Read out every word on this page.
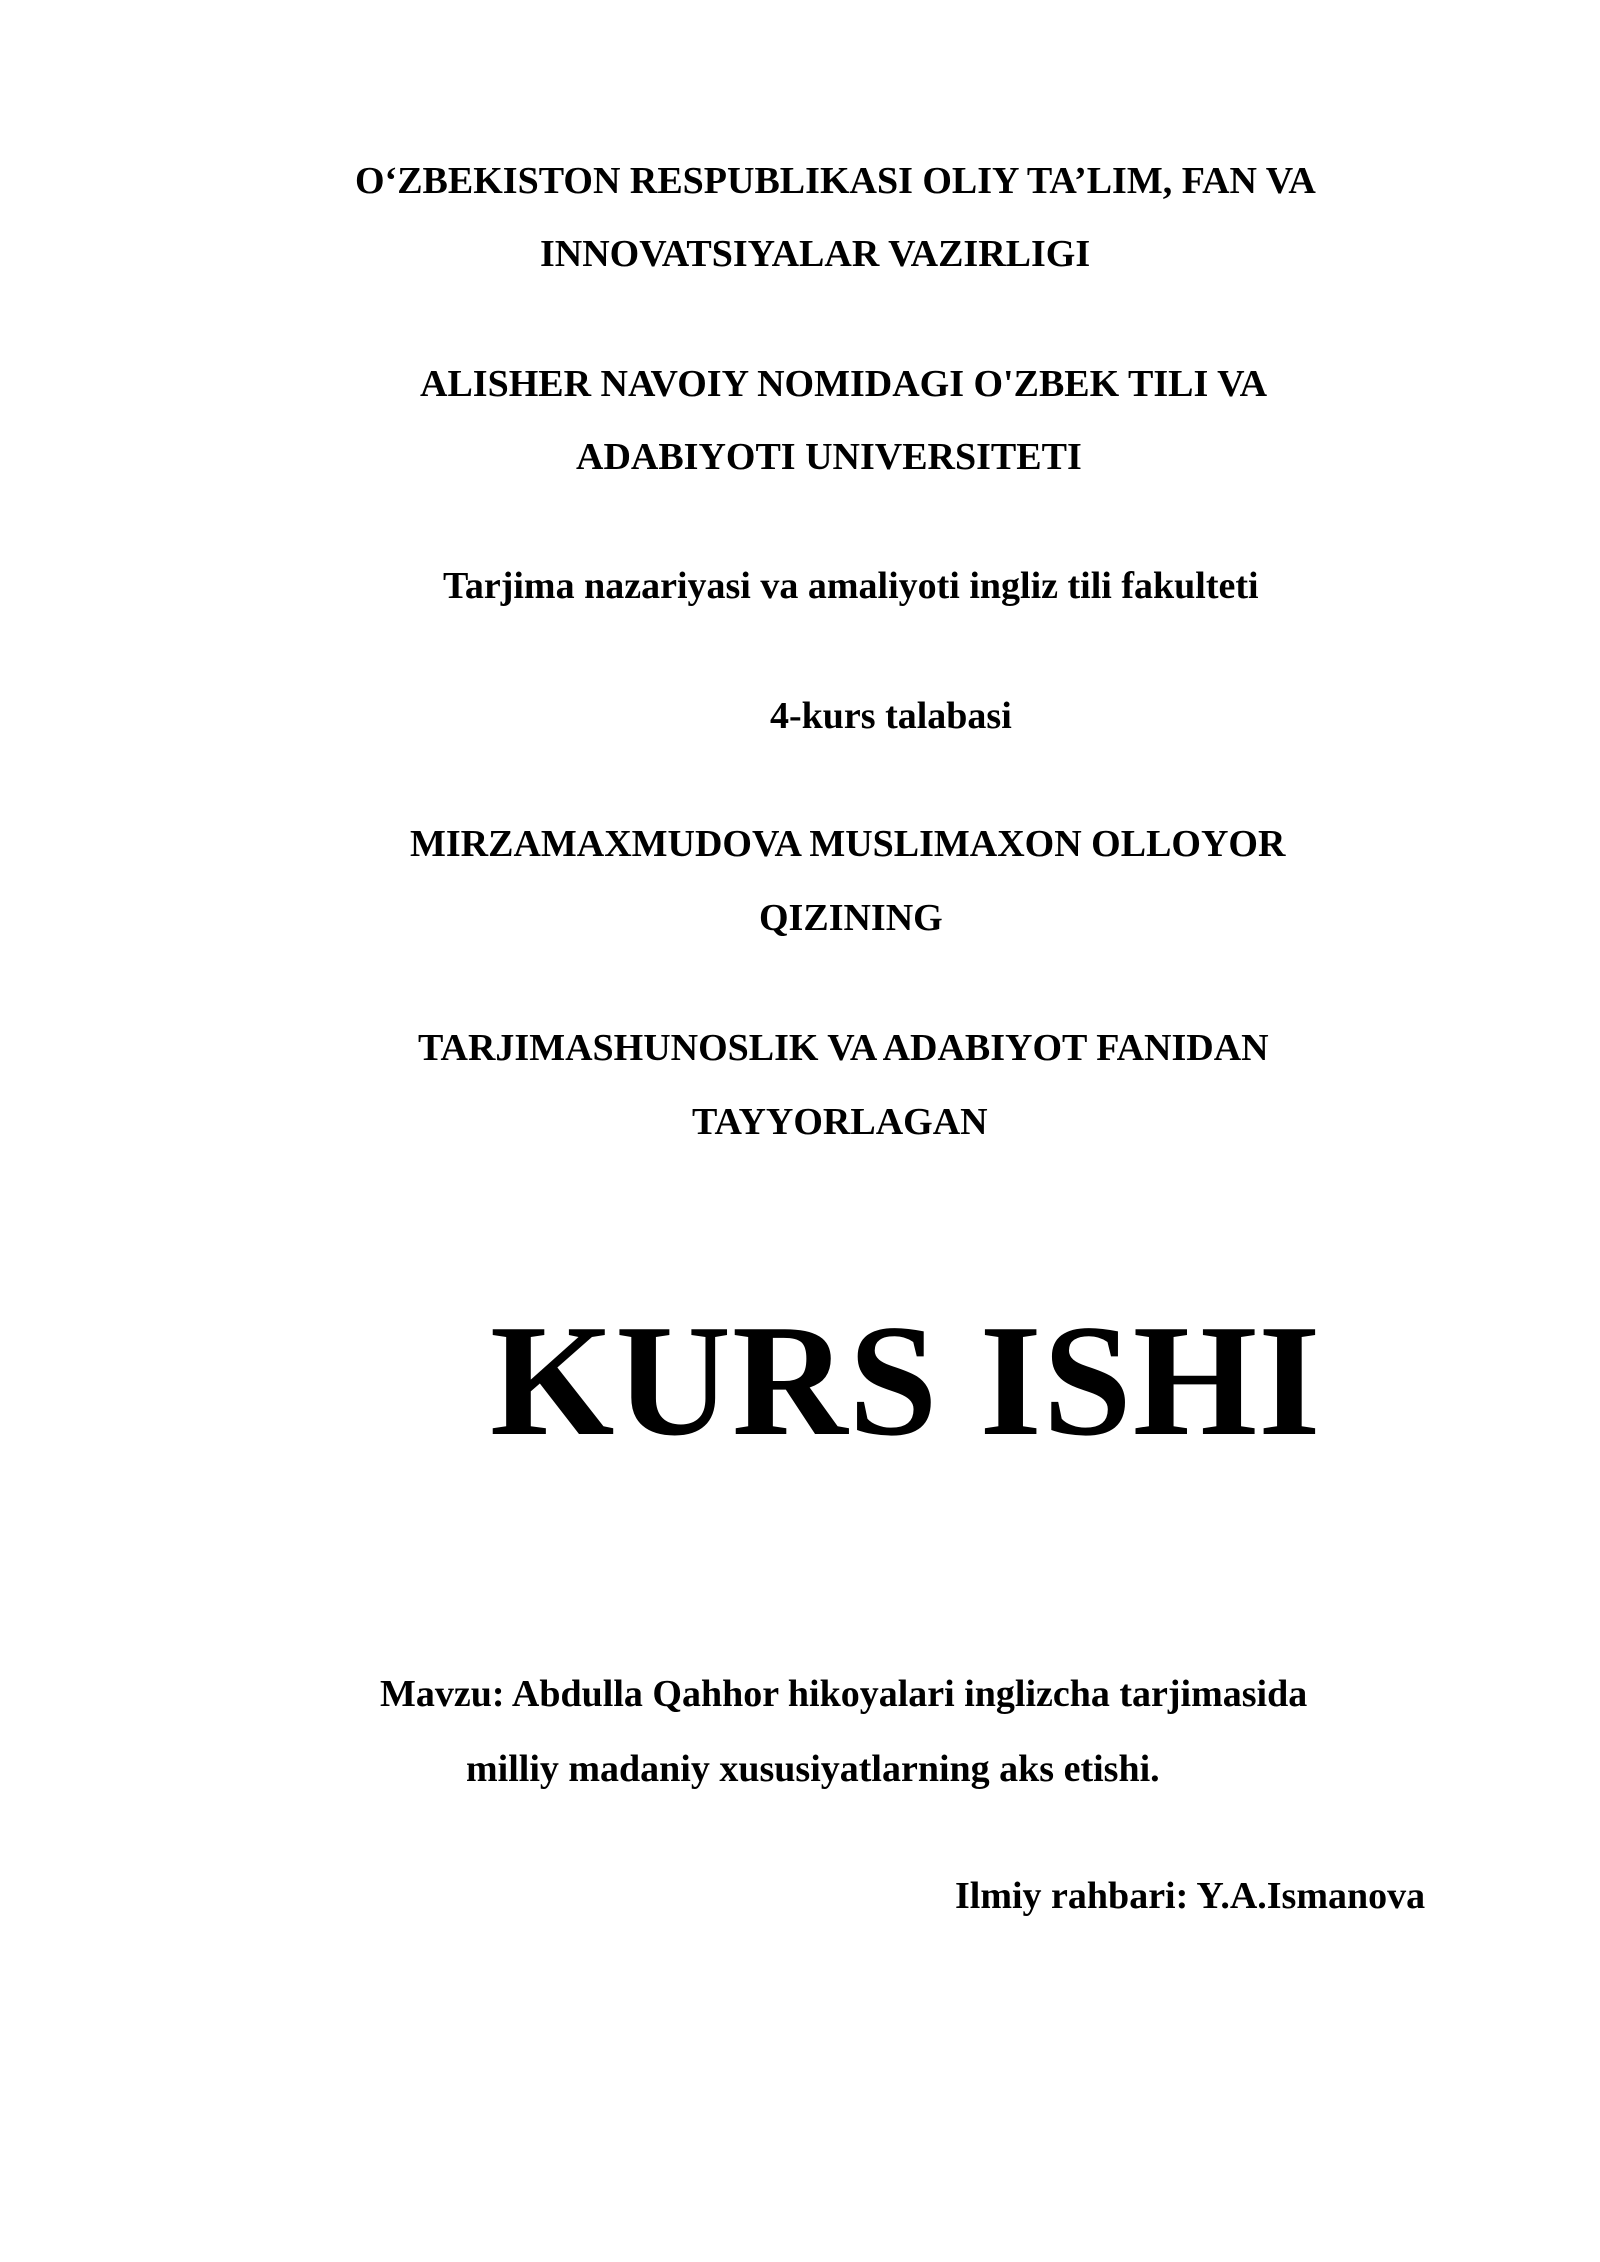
O‘ZBEKISTON RESPUBLIKASI OLIY TA’LIM, FAN VA
INNOVATSIYALAR VAZIRLIGI
ALISHER NAVOIY NOMIDAGI O'ZBEK TILI VA
ADABIYOTI UNIVERSITETI
Tarjima nazariyasi va amaliyoti ingliz tili fakulteti
4-kurs talabasi
MIRZAMAXMUDOVA MUSLIMAXON OLLOYOR
QIZINING
TARJIMASHUNOSLIK VA ADABIYOT FANIDAN
TAYYORLAGAN
KURS ISHI
Mavzu: Abdulla Qahhor hikoyalari inglizcha tarjimasida
milliy madaniy xususiyatlarning aks etishi.
Ilmiy rahbari: Y.A.Ismanova
